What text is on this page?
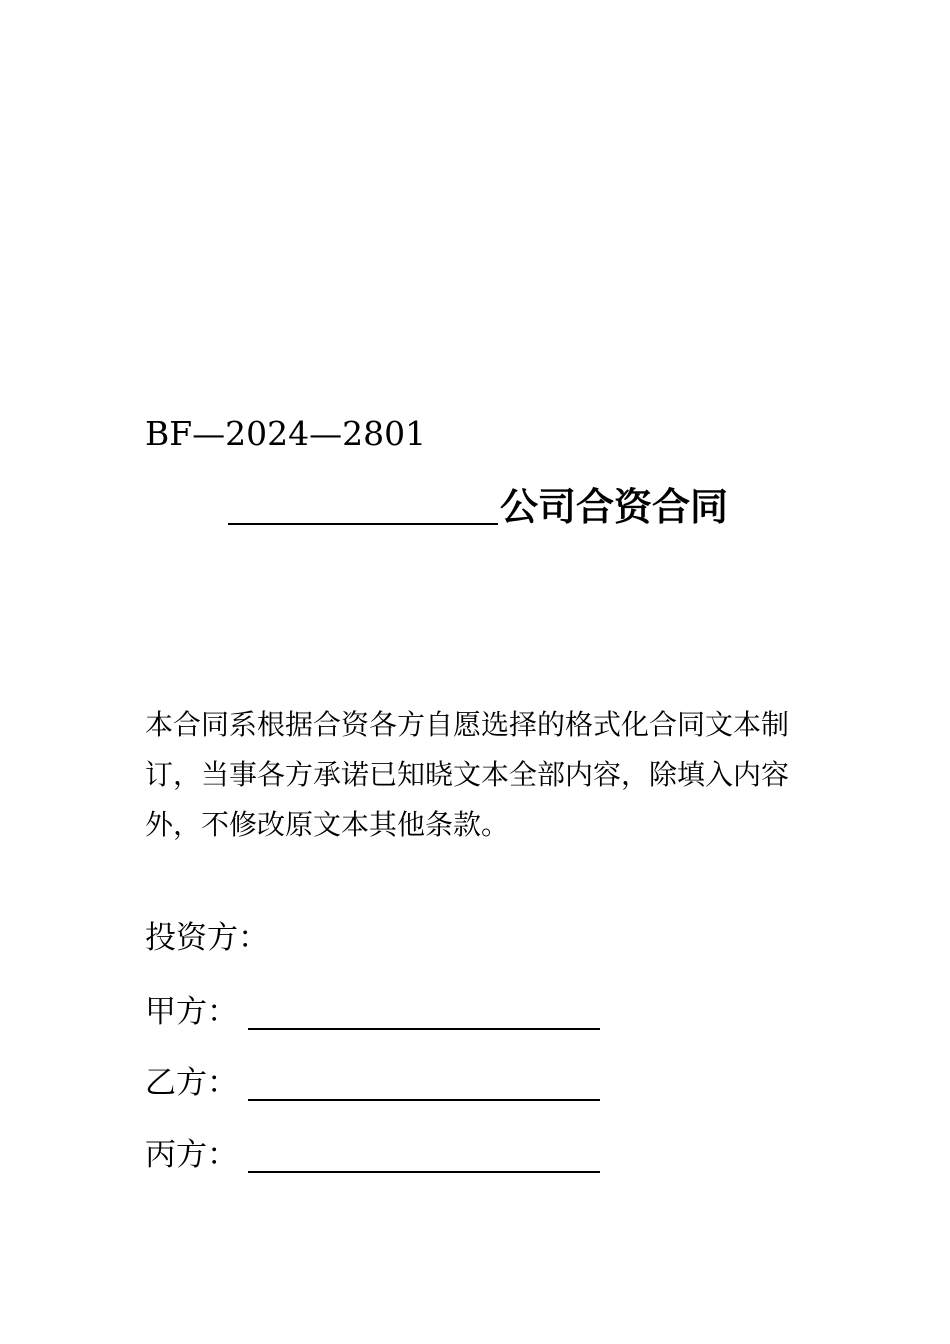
BF—2024—2801
公司合资合同

本合同系根据合资各方自愿选择的格式化合同文本制订，当事各方承诺已知晓文本全部内容，除填入内容外，不修改原文本其他条款。

投资方：
甲方：
乙方：
丙方：
